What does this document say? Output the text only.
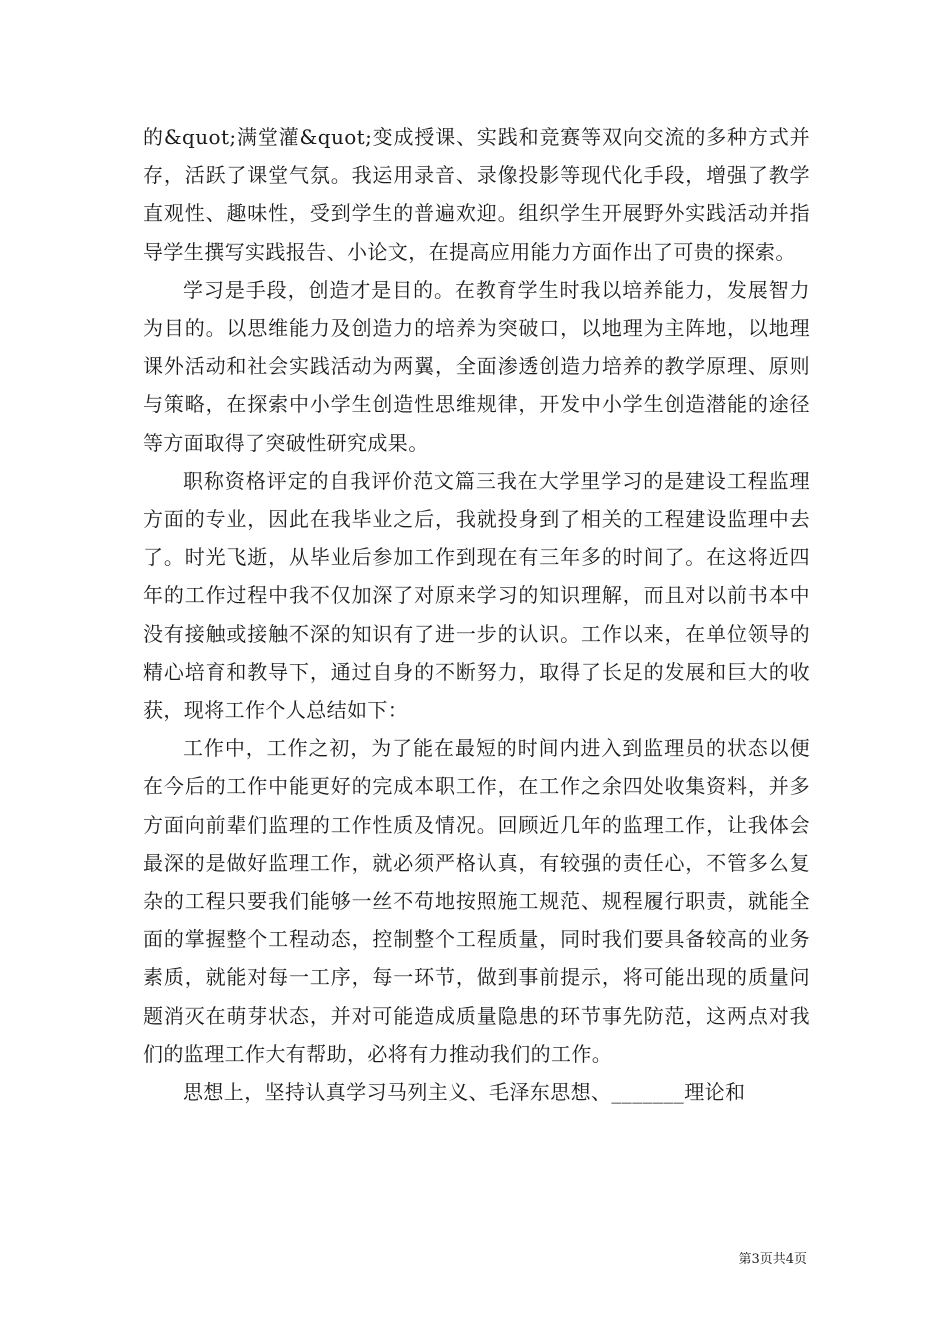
的&quot;满堂灌&quot;变成授课、实践和竞赛等双向交流的多种方式并存，活跃了课堂气氛。我运用录音、录像投影等现代化手段，增强了教学直观性、趣味性，受到学生的普遍欢迎。组织学生开展野外实践活动并指导学生撰写实践报告、小论文，在提高应用能力方面作出了可贵的探索。

学习是手段，创造才是目的。在教育学生时我以培养能力，发展智力为目的。以思维能力及创造力的培养为突破口，以地理为主阵地，以地理课外活动和社会实践活动为两翼，全面渗透创造力培养的教学原理、原则与策略，在探索中小学生创造性思维规律，开发中小学生创造潜能的途径等方面取得了突破性研究成果。

职称资格评定的自我评价范文篇三我在大学里学习的是建设工程监理方面的专业，因此在我毕业之后，我就投身到了相关的工程建设监理中去了。时光飞逝，从毕业后参加工作到现在有三年多的时间了。在这将近四年的工作过程中我不仅加深了对原来学习的知识理解，而且对以前书本中没有接触或接触不深的知识有了进一步的认识。工作以来，在单位领导的精心培育和教导下，通过自身的不断努力，取得了长足的发展和巨大的收获，现将工作个人总结如下：

工作中，工作之初，为了能在最短的时间内进入到监理员的状态以便在今后的工作中能更好的完成本职工作，在工作之余四处收集资料，并多方面向前辈们监理的工作性质及情况。回顾近几年的监理工作，让我体会最深的是做好监理工作，就必须严格认真，有较强的责任心，不管多么复杂的工程只要我们能够一丝不苟地按照施工规范、规程履行职责，就能全面的掌握整个工程动态，控制整个工程质量，同时我们要具备较高的业务素质，就能对每一工序，每一环节，做到事前提示，将可能出现的质量问题消灭在萌芽状态，并对可能造成质量隐患的环节事先防范，这两点对我们的监理工作大有帮助，必将有力推动我们的工作。

思想上，坚持认真学习马列主义、毛泽东思想、_______理论和

第3页共4页
